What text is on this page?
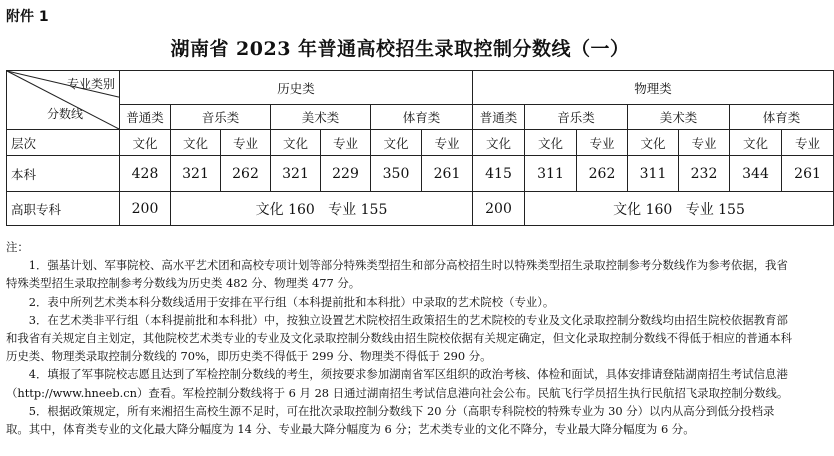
附件 1
湖南省 2023 年普通高校招生录取控制分数线（一）
专业类别
分数线	历史类							物理类						
	普通类	音乐类		美术类		体育类		普通类	音乐类		美术类		体育类	
层次	文化	文化	专业	文化	专业	文化	专业	文化	文化	专业	文化	专业	文化	专业
本科	428	321	262	321	229	350	261	415	311	262	311	232	344	261
高职专科	200	文化 160   专业 155						200	文化 160   专业 155					

注：

1．强基计划、军事院校、高水平艺术团和高校专项计划等部分特殊类型招生和部分高校招生时以特殊类型招生录取控制参考分数线作为参考依据，我省特殊类型招生录取控制参考分数线为历史类 482 分、物理类 477 分。

2．表中所列艺术类本科分数线适用于安排在平行组（本科提前批和本科批）中录取的艺术院校（专业）。

3．在艺术类非平行组（本科提前批和本科批）中，按独立设置艺术院校招生政策招生的艺术院校的专业及文化录取控制分数线均由招生院校依据教育部和我省有关规定自主划定，其他院校艺术类专业的专业及文化录取控制分数线由招生院校依据有关规定确定，但文化录取控制分数线不得低于相应的普通本科历史类、物理类录取控制分数线的 70%，即历史类不得低于 299 分、物理类不得低于 290 分。

4．填报了军事院校志愿且达到了军检控制分数线的考生，须按要求参加湖南省军区组织的政治考核、体检和面试，具体安排请登陆湖南招生考试信息港（http://www.hneeb.cn）查看。军检控制分数线将于 6 月 28 日通过湖南招生考试信息港向社会公布。民航飞行学员招生执行民航招飞录取控制分数线。

5．根据政策规定，所有来湘招生高校生源不足时，可在批次录取控制分数线下 20 分（高职专科院校的特殊专业为 30 分）以内从高分到低分投档录取。其中，体育类专业的文化最大降分幅度为 14 分、专业最大降分幅度为 6 分；艺术类专业的文化不降分，专业最大降分幅度为 6 分。
